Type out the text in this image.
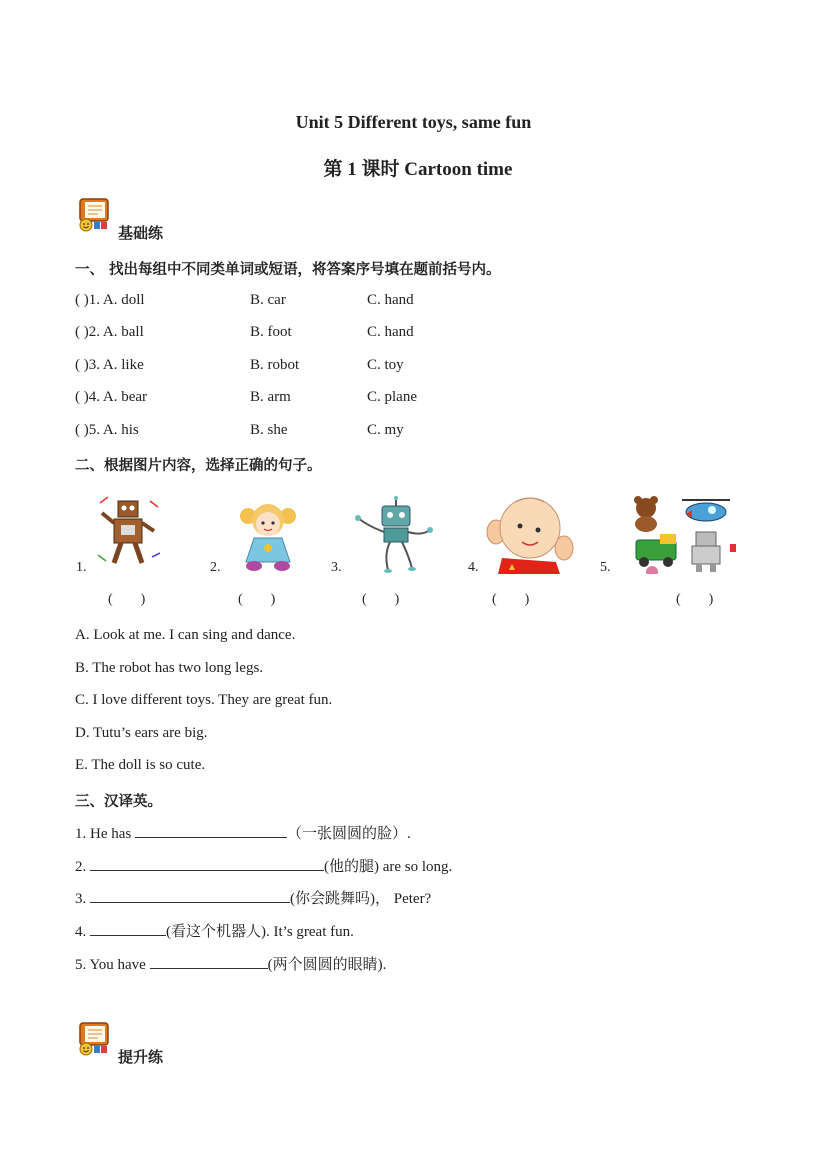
Unit 5 Different toys, same fun
第 1 课时 Cartoon time
基础练
一、 找出每组中不同类单词或短语，将答案序号填在题前括号内。
( )1. A. doll	B. car	C. hand
( )2. A. ball	B. foot	C. hand
( )3. A. like	B. robot	C. toy
( )4. A. bear	B. arm	C. plane
( )5. A. his	B. she	C. my
二、根据图片内容，选择正确的句子。
1.
(        )
2.
(        )
3.
(        )
4.
(        )
5.
(        )
A. Look at me. I can sing and dance.
B. The robot has two long legs.
C. I love different toys. They are great fun.
D. Tutu’s ears are big.
E. The doll is so cute.
三、汉译英。
1. He has	（一张圆圆的脸）.
2.	(他的腿) are so long.
3.	(你会跳舞吗)， Peter?
4.	(看这个机器人). It’s great fun.
5. You have	(两个圆圆的眼睛).
提升练
